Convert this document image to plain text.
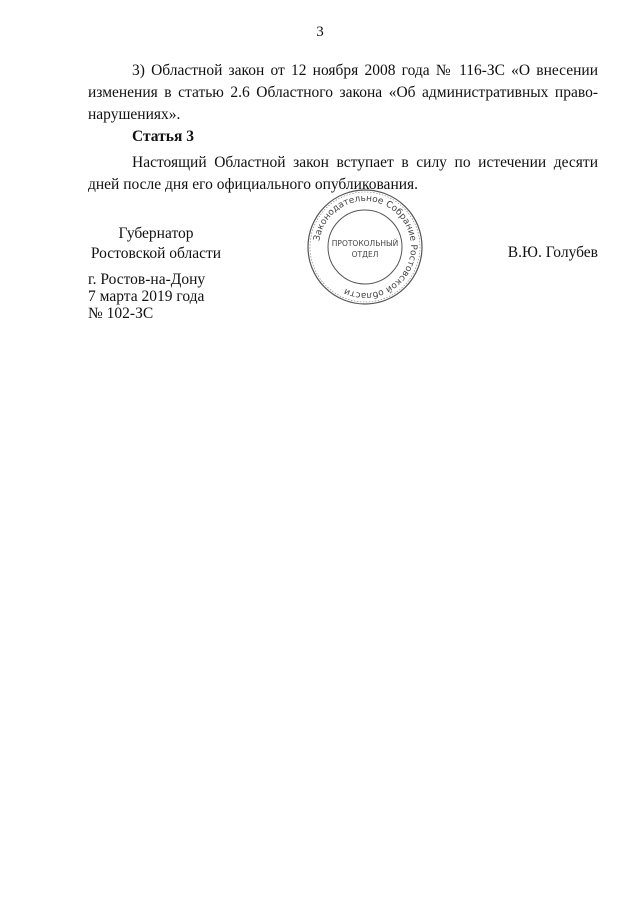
3

3) Областной закон от 12 ноября 2008 года № 116-ЗС «О внесении изменения в статью 2.6 Областного закона «Об административных правонарушениях».

Статья 3

Настоящий Областной закон вступает в силу по истечении десяти дней после дня его официального опубликования.

Губернатор
Ростовской области
Законодательное Собрание Ростовской области
ПРОТОКОЛЬНЫЙ
ОТДЕЛ	В.Ю. Голубев
г. Ростов-на-Дону
7 марта 2019 года
№ 102-ЗС
